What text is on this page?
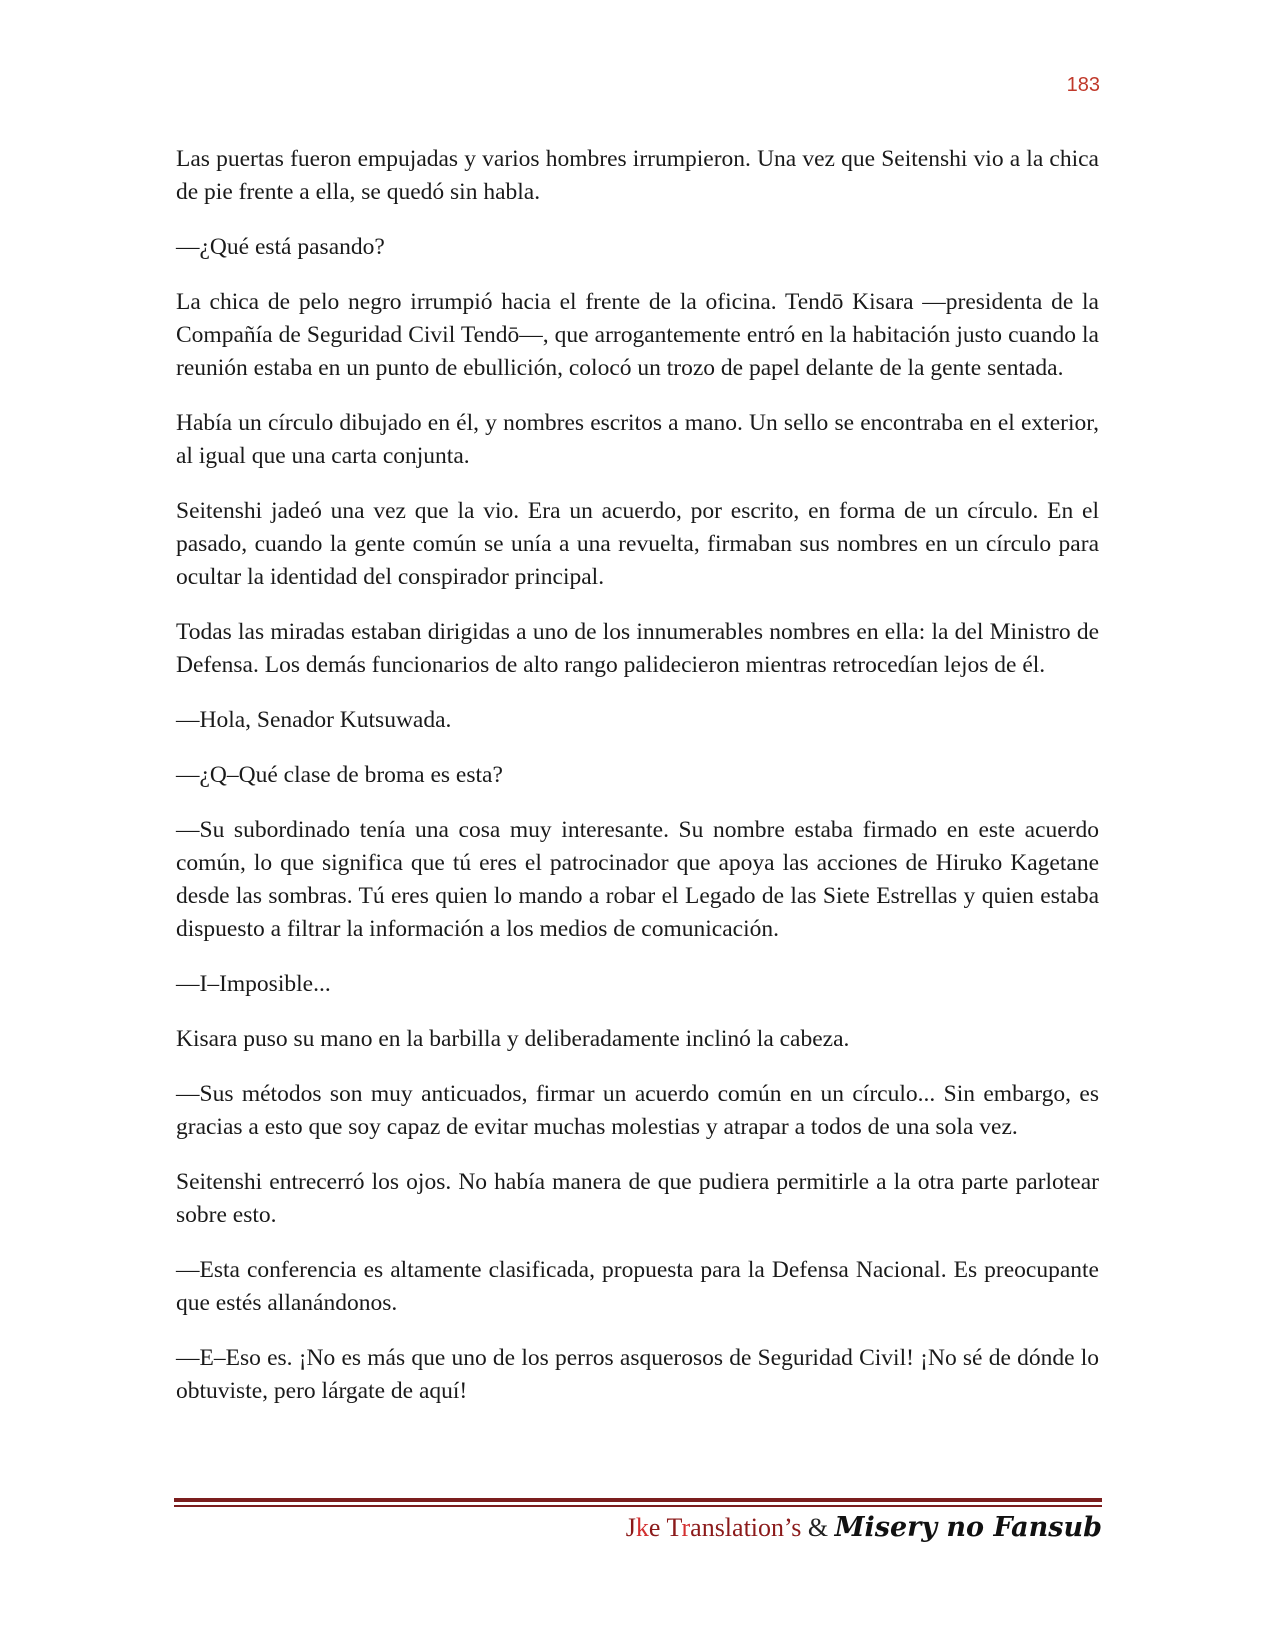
183

Las puertas fueron empujadas y varios hombres irrumpieron. Una vez que Seitenshi vio a la chica de pie frente a ella, se quedó sin habla.

—¿Qué está pasando?

La chica de pelo negro irrumpió hacia el frente de la oficina. Tendō Kisara —presidenta de la Compañía de Seguridad Civil Tendō—, que arrogantemente entró en la habitación justo cuando la reunión estaba en un punto de ebullición, colocó un trozo de papel delante de la gente sentada.

Había un círculo dibujado en él, y nombres escritos a mano. Un sello se encontraba en el exterior, al igual que una carta conjunta.

Seitenshi jadeó una vez que la vio. Era un acuerdo, por escrito, en forma de un círculo. En el pasado, cuando la gente común se unía a una revuelta, firmaban sus nombres en un círculo para ocultar la identidad del conspirador principal.

Todas las miradas estaban dirigidas a uno de los innumerables nombres en ella: la del Ministro de Defensa. Los demás funcionarios de alto rango palidecieron mientras retrocedían lejos de él.

—Hola, Senador Kutsuwada.

—¿Q–Qué clase de broma es esta?

—Su subordinado tenía una cosa muy interesante. Su nombre estaba firmado en este acuerdo común, lo que significa que tú eres el patrocinador que apoya las acciones de Hiruko Kagetane desde las sombras. Tú eres quien lo mando a robar el Legado de las Siete Estrellas y quien estaba dispuesto a filtrar la información a los medios de comunicación.

—I–Imposible...

Kisara puso su mano en la barbilla y deliberadamente inclinó la cabeza.

—Sus métodos son muy anticuados, firmar un acuerdo común en un círculo... Sin embargo, es gracias a esto que soy capaz de evitar muchas molestias y atrapar a todos de una sola vez.

Seitenshi entrecerró los ojos. No había manera de que pudiera permitirle a la otra parte parlotear sobre esto.

—Esta conferencia es altamente clasificada, propuesta para la Defensa Nacional. Es preocupante que estés allanándonos.

—E–Eso es. ¡No es más que uno de los perros asquerosos de Seguridad Civil! ¡No sé de dónde lo obtuviste, pero lárgate de aquí!

Jke Translation’s & Misery no Fansub
